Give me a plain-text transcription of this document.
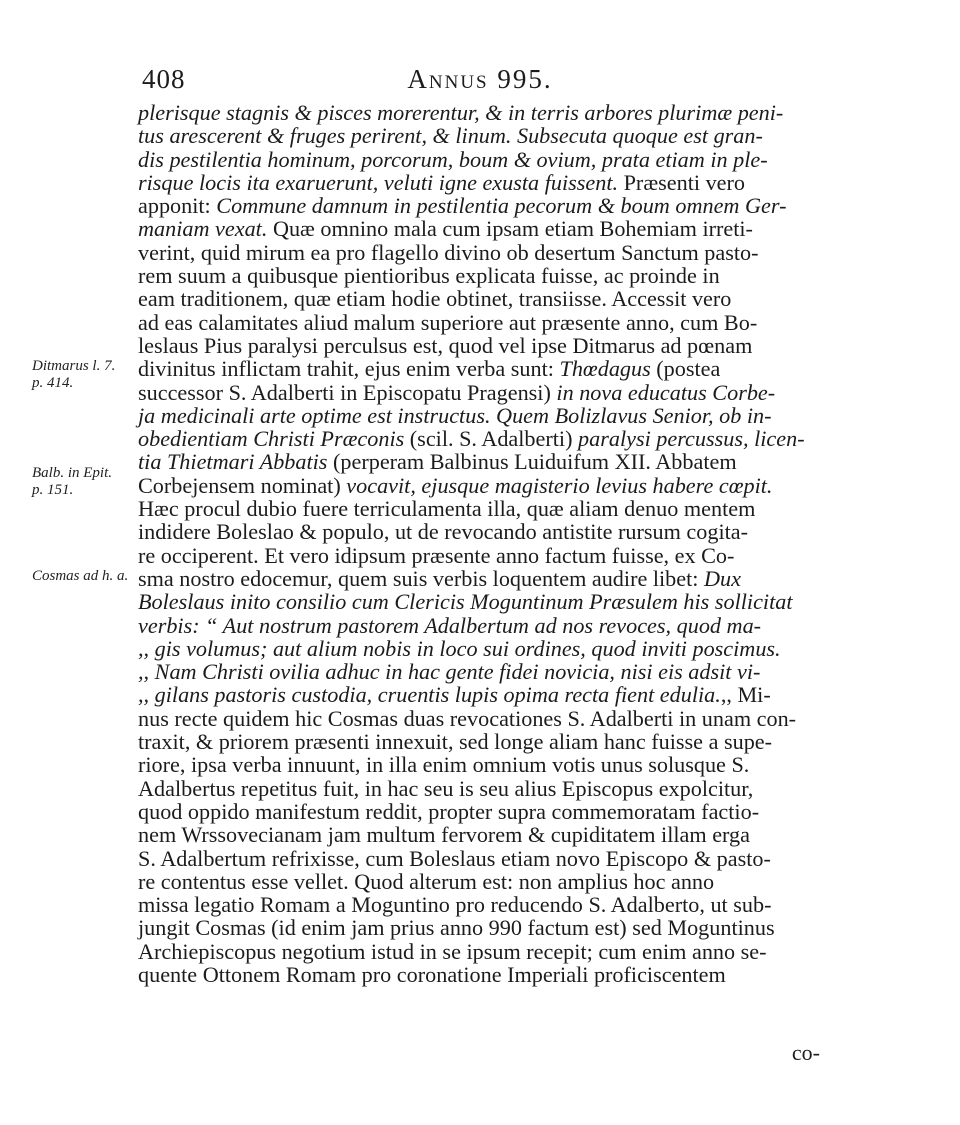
408	Annus 995.
Ditmarus l. 7.
p. 414.
Balb. in Epit.
p. 151.
Cosmas ad h. a.
plerisque stagnis & pisces morerentur, & in terris arbores plurimæ peni-
tus arescerent & fruges perirent, & linum. Subsecuta quoque est gran-
dis pestilentia hominum, porcorum, boum & ovium, prata etiam in ple-
risque locis ita exaruerunt, veluti igne exusta fuissent. Præsenti vero
apponit: Commune damnum in pestilentia pecorum & boum omnem Ger-
maniam vexat. Quæ omnino mala cum ipsam etiam Bohemiam irreti-
verint, quid mirum ea pro flagello divino ob desertum Sanctum pasto-
rem suum a quibusque pientioribus explicata fuisse, ac proinde in
eam traditionem, quæ etiam hodie obtinet, transiisse. Accessit vero
ad eas calamitates aliud malum superiore aut præsente anno, cum Bo-
leslaus Pius paralysi perculsus est, quod vel ipse Ditmarus ad pœnam
divinitus inflictam trahit, ejus enim verba sunt: Thœdagus (postea
successor S. Adalberti in Episcopatu Pragensi) in nova educatus Corbe-
ja medicinali arte optime est instructus. Quem Bolizlavus Senior, ob in-
obedientiam Christi Præconis (scil. S. Adalberti) paralysi percussus, licen-
tia Thietmari Abbatis (perperam Balbinus Luiduifum XII. Abbatem
Corbejensem nominat) vocavit, ejusque magisterio levius habere cœpit.
Hæc procul dubio fuere terriculamenta illa, quæ aliam denuo mentem
indidere Boleslao & populo, ut de revocando antistite rursum cogita-
re occiperent. Et vero idipsum præsente anno factum fuisse, ex Co-
sma nostro edocemur, quem suis verbis loquentem audire libet: Dux
Boleslaus inito consilio cum Clericis Moguntinum Præsulem his sollicitat
verbis: “ Aut nostrum pastorem Adalbertum ad nos revoces, quod ma-
,, gis volumus; aut alium nobis in loco sui ordines, quod inviti poscimus.
,, Nam Christi ovilia adhuc in hac gente fidei novicia, nisi eis adsit vi-
,, gilans pastoris custodia, cruentis lupis opima recta fient edulia.,, Mi-
nus recte quidem hic Cosmas duas revocationes S. Adalberti in unam con-
traxit, & priorem præsenti innexuit, sed longe aliam hanc fuisse a supe-
riore, ipsa verba innuunt, in illa enim omnium votis unus solusque S.
Adalbertus repetitus fuit, in hac seu is seu alius Episcopus expolcitur,
quod oppido manifestum reddit, propter supra commemoratam factio-
nem Wrssovecianam jam multum fervorem & cupiditatem illam erga
S. Adalbertum refrixisse, cum Boleslaus etiam novo Episcopo & pasto-
re contentus esse vellet. Quod alterum est: non amplius hoc anno
missa legatio Romam a Moguntino pro reducendo S. Adalberto, ut sub-
jungit Cosmas (id enim jam prius anno 990 factum est) sed Moguntinus
Archiepiscopus negotium istud in se ipsum recepit; cum enim anno se-
quente Ottonem Romam pro coronatione Imperiali proficiscentem
co-
